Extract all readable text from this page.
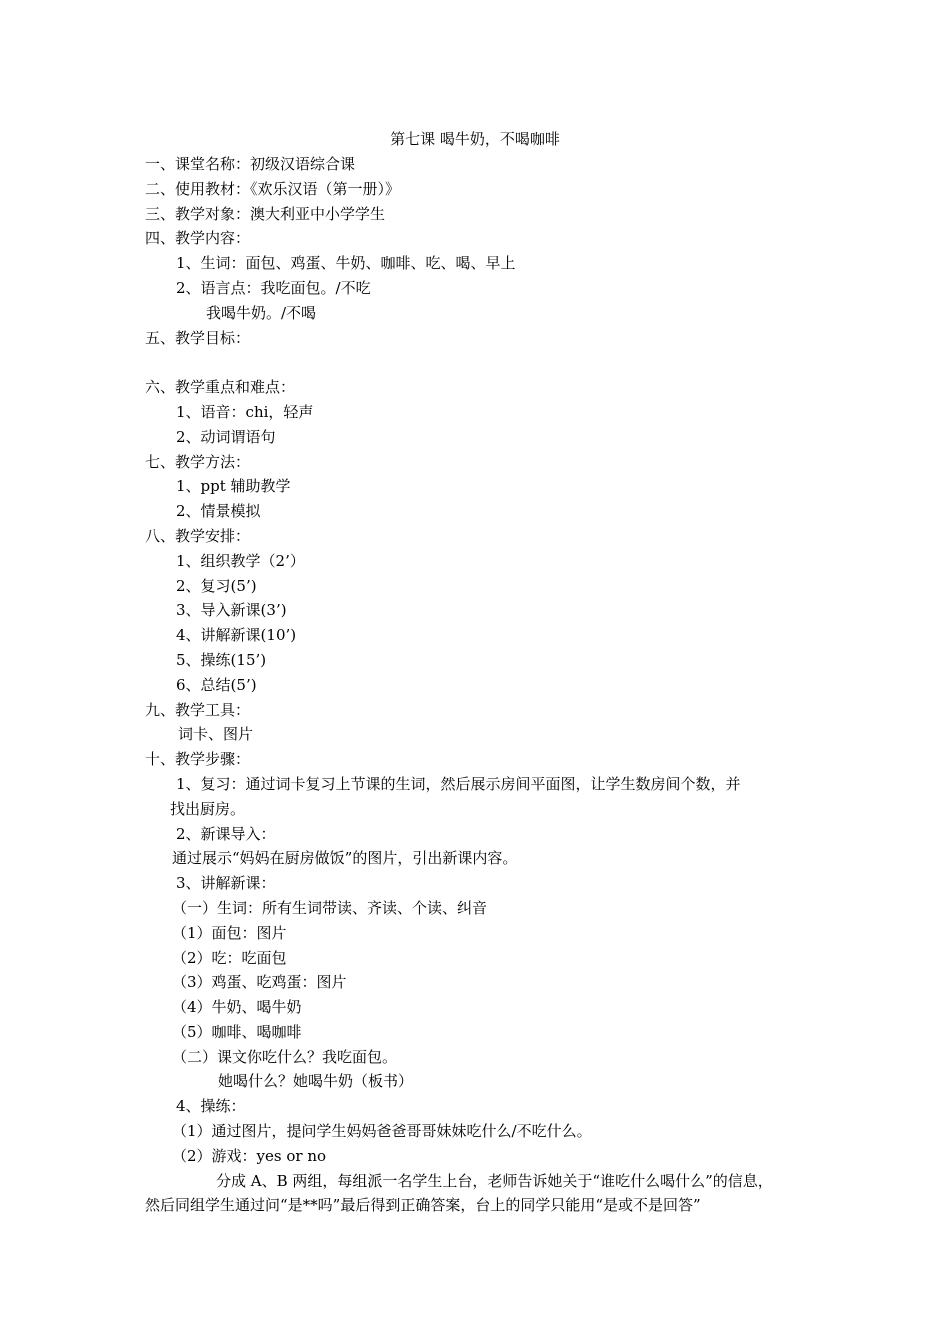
第七课 喝牛奶，不喝咖啡
一、课堂名称：初级汉语综合课
二、使用教材：《欢乐汉语（第一册）》
三、教学对象：澳大利亚中小学学生
四、教学内容：
1、生词：面包、鸡蛋、牛奶、咖啡、吃、喝、早上
2、语言点：我吃面包。/不吃
我喝牛奶。/不喝
五、教学目标：
六、教学重点和难点：
1、语音：chi，轻声
2、动词谓语句
七、教学方法：
1、ppt 辅助教学
2、情景模拟
八、教学安排：
1、组织教学（2’）
2、复习(5’)
3、导入新课(3’)
4、讲解新课(10’)
5、操练(15’)
6、总结(5’)
九、教学工具：
词卡、图片
十、教学步骤：
1、复习：通过词卡复习上节课的生词，然后展示房间平面图，让学生数房间个数，并
找出厨房。
2、新课导入：
通过展示“妈妈在厨房做饭”的图片，引出新课内容。
3、讲解新课：
（一）生词：所有生词带读、齐读、个读、纠音
（1）面包：图片
（2）吃：吃面包
（3）鸡蛋、吃鸡蛋：图片
（4）牛奶、喝牛奶
（5）咖啡、喝咖啡
（二）课文你吃什么？我吃面包。
她喝什么？她喝牛奶（板书）
4、操练：
（1）通过图片，提问学生妈妈爸爸哥哥妹妹吃什么/不吃什么。
（2）游戏：yes or no
分成 A、B 两组，每组派一名学生上台，老师告诉她关于“谁吃什么喝什么”的信息，
然后同组学生通过问“是**吗”最后得到正确答案，台上的同学只能用“是或不是回答”
